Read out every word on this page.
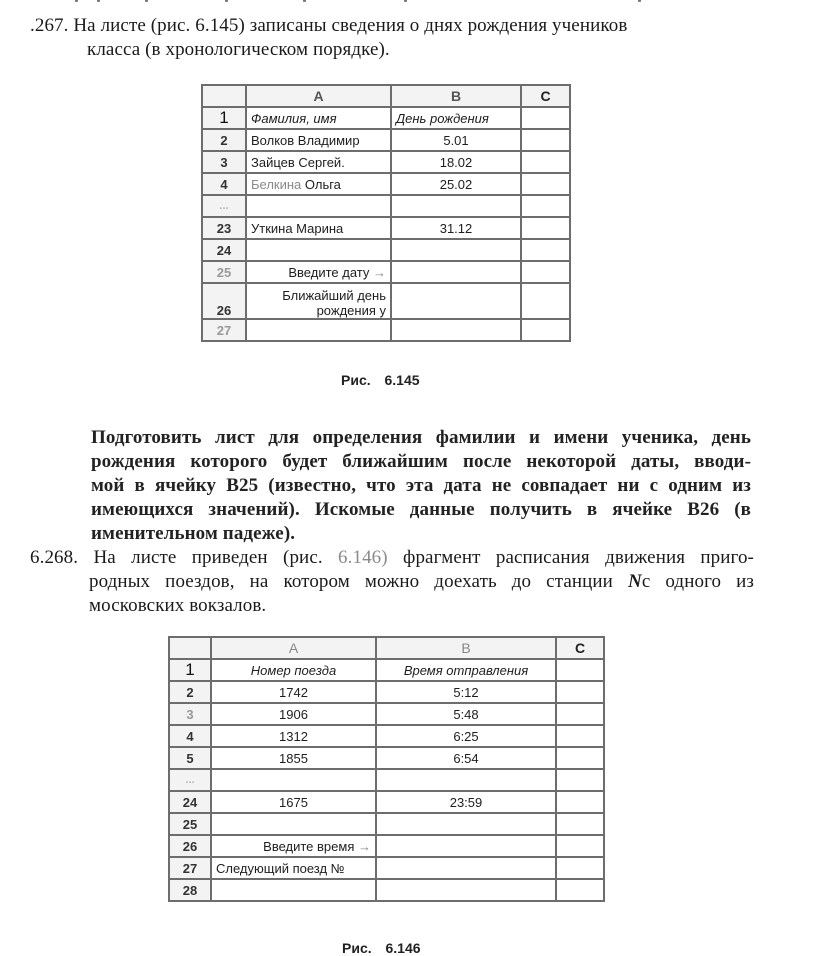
.267. На листе (рис. 6.145) записаны сведения о днях рождения учеников
класса (в хронологическом порядке).
	A	B	C
1	Фамилия, имя	День рождения	
2	Волков Владимир	5.01	
3	Зайцев Сергей.	18.02	
4	Белкина Ольга	25.02	
...			
23	Уткина Марина	31.12	
24			
25	Введите дату →		
26	Ближайший день
рождения у		
27			
Рис. 6.145
Подготовить лист для определения фамилии и имени ученика, день
рождения которого будет ближайшим после некоторой даты, вводи-
мой в ячейку B25 (известно, что эта дата не совпадает ни с одним из
имеющихся значений). Искомые данные получить в ячейке B26 (в
именительном падеже).
6.268. На листе приведен (рис. 6.146) фрагмент расписания движения приго-
родных поездов, на котором можно доехать до станции Nс одного из
московских вокзалов.
	A	B	C
1	Номер поезда	Время отправления	
2	1742	5:12	
3	1906	5:48	
4	1312	6:25	
5	1855	6:54	
...			
24	1675	23:59	
25			
26	Введите время →		
27	Следующий поезд №		
28			
Рис. 6.146
